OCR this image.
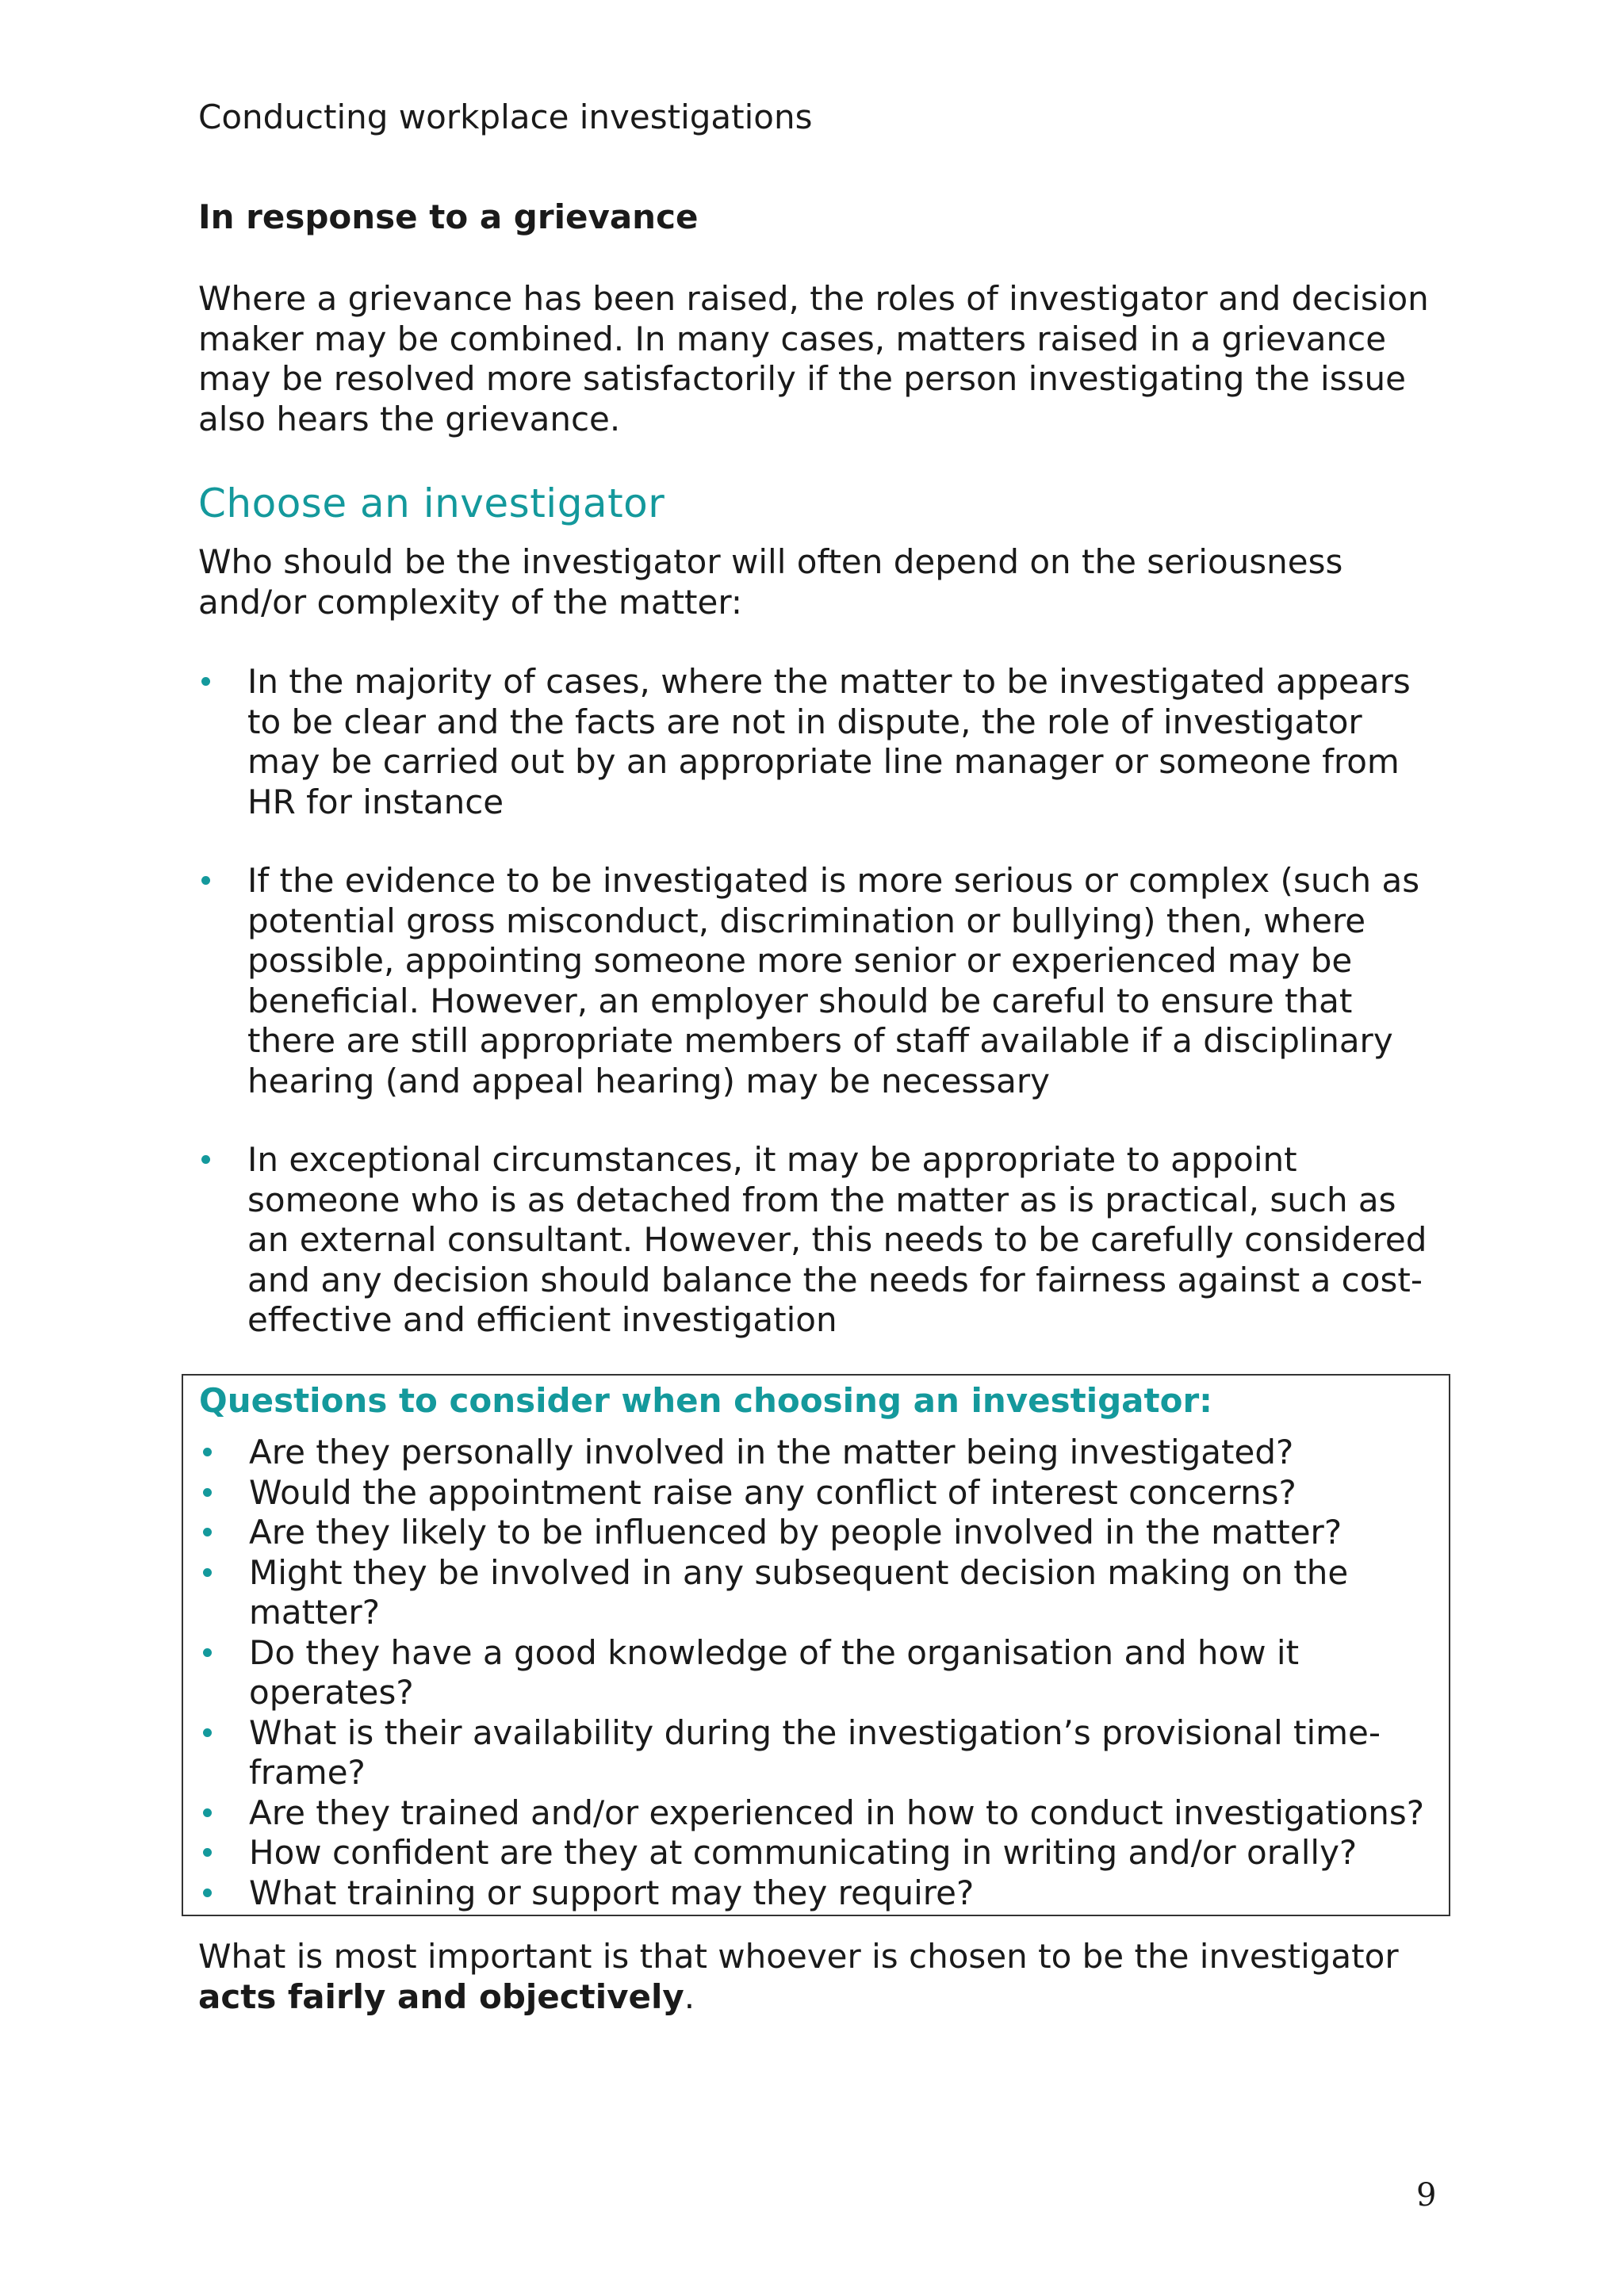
Conducting workplace investigations
In response to a grievance

Where a grievance has been raised, the roles of investigator and decision maker may be combined. In many cases, matters raised in a grievance may be resolved more satisfactorily if the person investigating the issue also hears the grievance.

Choose an investigator

Who should be the investigator will often depend on the seriousness and/or complexity of the matter:

In the majority of cases, where the matter to be investigated appears to be clear and the facts are not in dispute, the role of investigator may be carried out by an appropriate line manager or someone from HR for instance
If the evidence to be investigated is more serious or complex (such as potential gross misconduct, discrimination or bullying) then, where possible, appointing someone more senior or experienced may be beneficial. However, an employer should be careful to ensure that there are still appropriate members of staff available if a disciplinary hearing (and appeal hearing) may be necessary
In exceptional circumstances, it may be appropriate to appoint someone who is as detached from the matter as is practical, such as an external consultant. However, this needs to be carefully considered and any decision should balance the needs for fairness against a cost-effective and efficient investigation
Questions to consider when choosing an investigator:
Are they personally involved in the matter being investigated?
Would the appointment raise any conflict of interest concerns?
Are they likely to be influenced by people involved in the matter?
Might they be involved in any subsequent decision making on the matter?
Do they have a good knowledge of the organisation and how it operates?
What is their availability during the investigation’s provisional time-frame?
Are they trained and/or experienced in how to conduct investigations?
How confident are they at communicating in writing and/or orally?
What training or support may they require?

What is most important is that whoever is chosen to be the investigator acts fairly and objectively.

9
